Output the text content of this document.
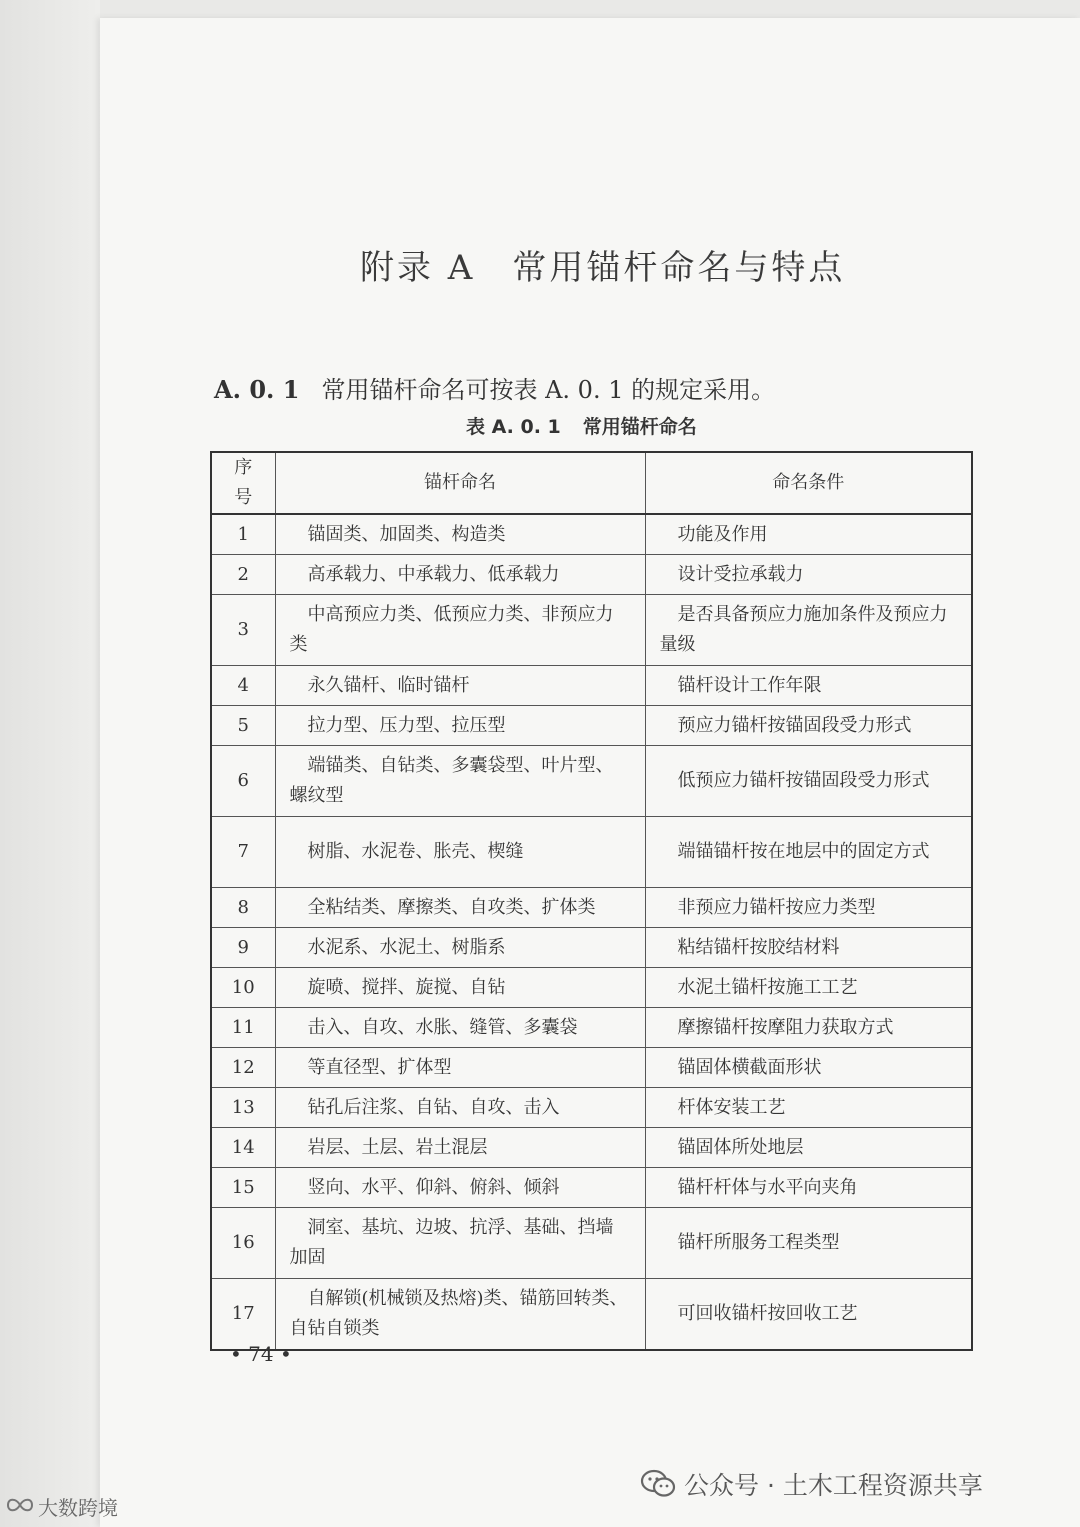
附录 A　常用锚杆命名与特点
A. 0. 1 常用锚杆命名可按表 A. 0. 1 的规定采用。
表 A. 0. 1 常用锚杆命名
序号	锚杆命名	命名条件
1	　锚固类、加固类、构造类	　功能及作用
2	　高承载力、中承载力、低承载力	　设计受拉承载力
3	　中高预应力类、低预应力类、非预应力类	　是否具备预应力施加条件及预应力量级
4	　永久锚杆、临时锚杆	　锚杆设计工作年限
5	　拉力型、压力型、拉压型	　预应力锚杆按锚固段受力形式
6	　端锚类、自钻类、多囊袋型、叶片型、螺纹型	　低预应力锚杆按锚固段受力形式
7	　树脂、水泥卷、胀壳、楔缝	　端锚锚杆按在地层中的固定方式
8	　全粘结类、摩擦类、自攻类、扩体类	　非预应力锚杆按应力类型
9	　水泥系、水泥土、树脂系	　粘结锚杆按胶结材料
10	　旋喷、搅拌、旋搅、自钻	　水泥土锚杆按施工工艺
11	　击入、自攻、水胀、缝管、多囊袋	　摩擦锚杆按摩阻力获取方式
12	　等直径型、扩体型	　锚固体横截面形状
13	　钻孔后注浆、自钻、自攻、击入	　杆体安装工艺
14	　岩层、土层、岩土混层	　锚固体所处地层
15	　竖向、水平、仰斜、俯斜、倾斜	　锚杆杆体与水平向夹角
16	　洞室、基坑、边坡、抗浮、基础、挡墙加固	　锚杆所服务工程类型
17	　自解锁(机械锁及热熔)类、锚筋回转类、自钻自锁类	　可回收锚杆按回收工艺
• 74 •
公众号 · 土木工程资源共享
大数跨境
